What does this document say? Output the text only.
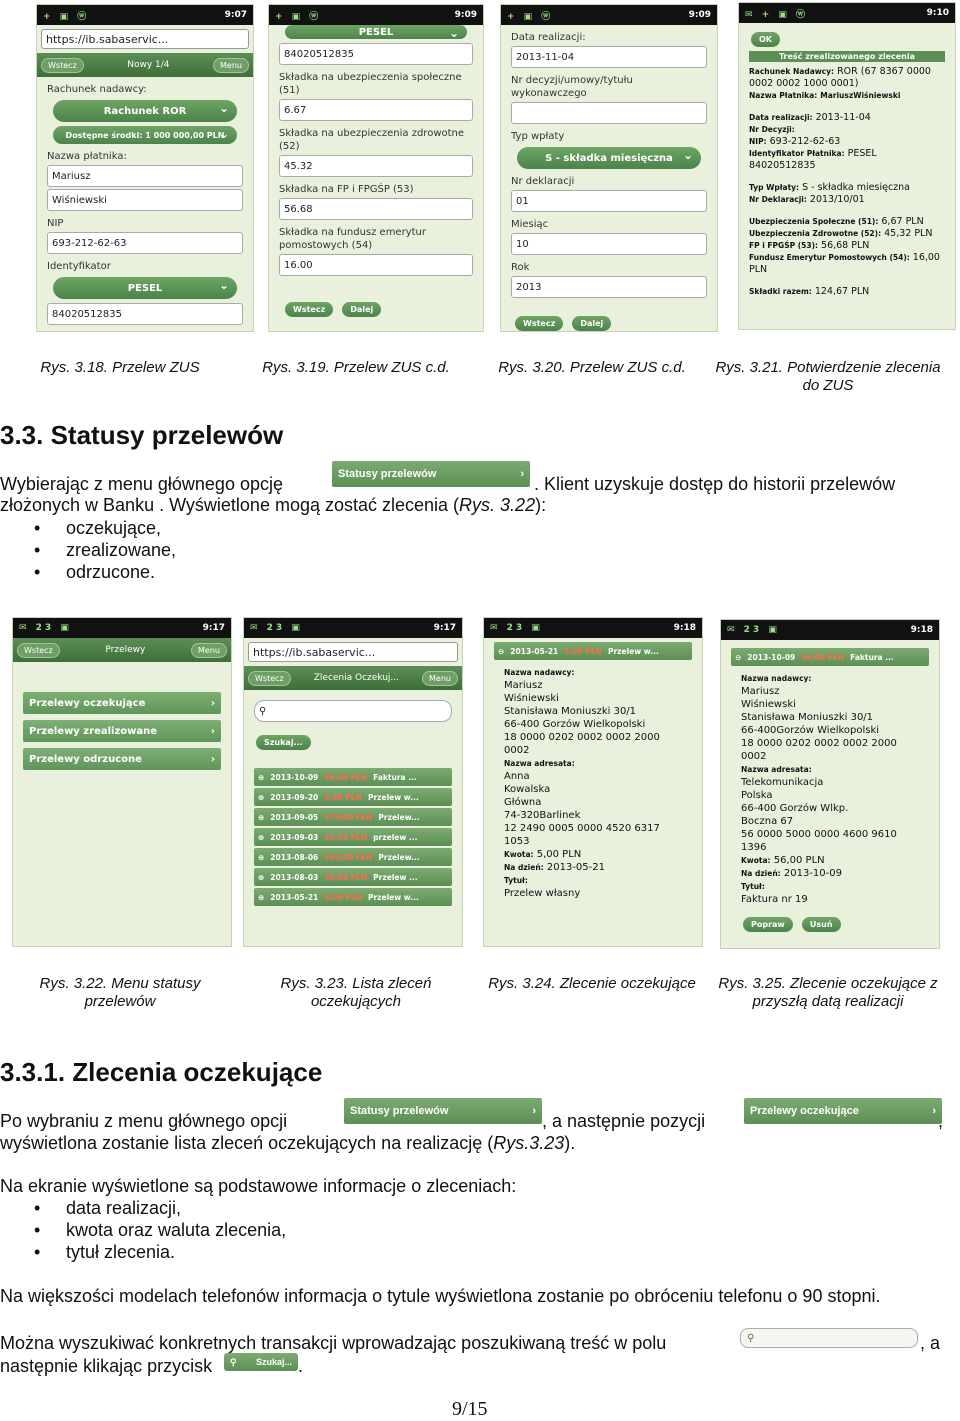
+ ▣ ⓦ	9:07
https://ib.sabaservic...
Wstecz	Nowy 1/4	Menu
Rachunek nadawcy:
Rachunek ROR ⌄
Dostępne środki: 1 000 000,00 PLN ⌄
Nazwa płatnika:
Mariusz
Wiśniewski
NIP
693-212-62-63
Identyfikator
PESEL ⌄
84020512835
+ ▣ ⓦ	9:09
PESEL ⌄
84020512835
Składka na ubezpieczenia społeczne (51)
6.67
Składka na ubezpieczenia zdrowotne (52)
45.32
Składka na FP i FPGŚP (53)
56.68
Składka na fundusz emerytur pomostowych (54)
16.00
Wstecz	Dalej
+ ▣ ⓦ	9:09
Data realizacji:
2013-11-04
Nr decyzji/umowy/tytułu wykonawczego
Typ wpłaty
S - składka miesięczna ⌄
Nr deklaracji
01
Miesiąc
10
Rok
2013
Wstecz	Dalej
✉ + ▣ ⓦ	9:10
OK
Treść zrealizowanego zlecenia
Rachunek Nadawcy: ROR (67 8367 0000 0002 0002 1000 0001)
Nazwa Płatnika: MariuszWiśniewski
Data realizacji: 2013-11-04
Nr Decyzji:
NIP: 693-212-62-63
Identyfikator Płatnika: PESEL 84020512835
Typ Wpłaty: S - składka miesięczna
Nr Deklaracji: 2013/10/01
Ubezpieczenia Społeczne (51): 6,67 PLN
Ubezpieczenia Zdrowotne (52): 45,32 PLN
FP i FPGŚP (53): 56,68 PLN
Fundusz Emerytur Pomostowych (54): 16,00 PLN
Składki razem: 124,67 PLN
Rys. 3.18. Przelew ZUS	Rys. 3.19. Przelew ZUS c.d.	Rys. 3.20. Przelew ZUS c.d.	Rys. 3.21. Potwierdzenie zlecenia do ZUS
3.3. Statusy przelewów
Wybierając z menu głównego opcję	Statusy przelewów	› . Klient uzyskuje dostęp do historii przelewów
złożonych w Banku . Wyświetlone mogą zostać zlecenia (Rys. 3.22):
• oczekujące,
• zrealizowane,
• odrzucone.
✉ 23 ▣	9:17
Wstecz	Przelewy	Menu
Przelewy oczekujące	›
Przelewy zrealizowane	›
Przelewy odrzucone	›
✉ 23 ▣	9:17
https://ib.sabaservic...
Wstecz	Zlecenia Oczekuj...	Menu
⚲
Szukaj...
⊕ 2013-10-09 56,00 PLN Faktura ...
⊕ 2013-09-20 5,00 PLN Przelew w...
⊕ 2013-09-05 275,00 PLN Przelew...
⊕ 2013-09-03 42,50 PLN przelew ...
⊕ 2013-08-06 230,00 PLN Przelew...
⊕ 2013-08-03 50,00 PLN Przelew ...
⊕ 2013-05-21 5,00 PLN Przelew w...
✉ 23 ▣	9:18
⊖ 2013-05-21 5,00 PLN Przelew w...
Nazwa nadawcy:
Mariusz
Wiśniewski
Stanisława Moniuszki 30/1
66-400 Gorzów Wielkopolski
18 0000 0202 0002 0002 2000
0002
Nazwa adresata:
Anna
Kowalska
Główna
74-320Barlinek
12 2490 0005 0000 4520 6317
1053
Kwota: 5,00 PLN
Na dzień: 2013-05-21
Tytuł:
Przelew własny
✉ 23 ▣	9:18
⊖ 2013-10-09 56,00 PLN Faktura ...
Nazwa nadawcy:
Mariusz
Wiśniewski
Stanisława Moniuszki 30/1
66-400Gorzów Wielkopolski
18 0000 0202 0002 0002 2000
0002
Nazwa adresata:
Telekomunikacja
Polska
66-400 Gorzów Wlkp.
Boczna 67
56 0000 5000 0000 4600 9610
1396
Kwota: 56,00 PLN
Na dzień: 2013-10-09
Tytuł:
Faktura nr 19
Popraw	Usuń
Rys. 3.22. Menu statusy przelewów
Rys. 3.23. Lista zleceń oczekujących
Rys. 3.24. Zlecenie oczekujące	Rys. 3.25. Zlecenie oczekujące z przyszłą datą realizacji
3.3.1. Zlecenia oczekujące
Po wybraniu z menu głównego opcji	Statusy przelewów	› , a następnie pozycji	Przelewy oczekujące	› ,
wyświetlona zostanie lista zleceń oczekujących na realizację (Rys.3.23).
Na ekranie wyświetlone są podstawowe informacje o zleceniach:
• data realizacji,
• kwota oraz waluta zlecenia,
• tytuł zlecenia.
Na większości modelach telefonów informacja o tytule wyświetlona zostanie po obróceniu telefonu o 90 stopni.
Można wyszukiwać konkretnych transakcji wprowadzając poszukiwaną treść w polu	⚲	, a
następnie klikając przycisk ⚲ Szukaj... .
9/15
